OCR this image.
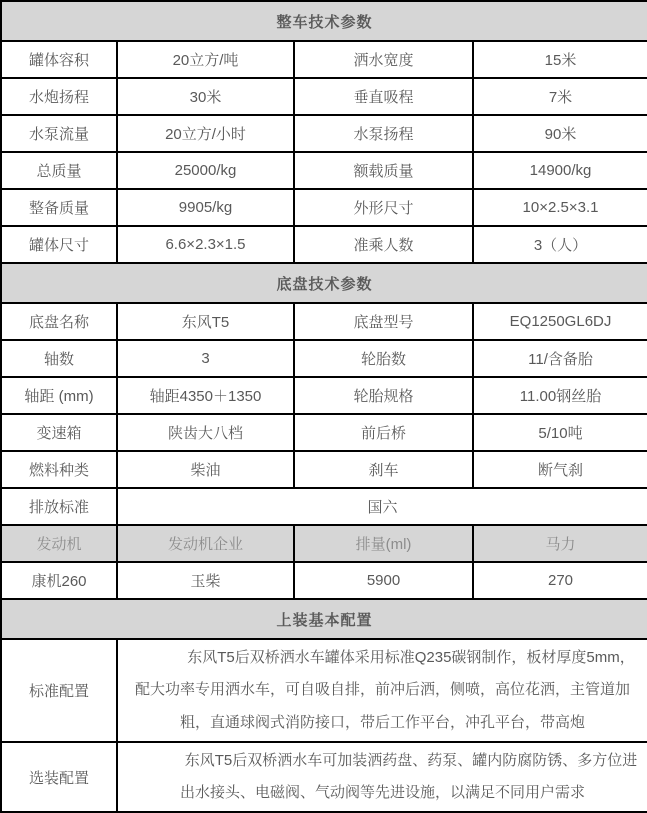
整车技术参数			
罐体容积	20立方/吨	洒水宽度	15米
水炮扬程	30米	垂直吸程	7米
水泵流量	20立方/小时	水泵扬程	90米
总质量	25000/kg	额载质量	14900/kg
整备质量	9905/kg	外形尺寸	10×2.5×3.1
罐体尺寸	6.6×2.3×1.5	准乘人数	3（人）
底盘技术参数			
底盘名称	东风T5	底盘型号	EQ1250GL6DJ
轴数	3	轮胎数	11/含备胎
轴距 (mm)	轴距4350＋1350	轮胎规格	11.00钢丝胎
变速箱	陕齿大八档	前后桥	5/10吨
燃料种类	柴油	刹车	断气刹
排放标准	国六		
发动机	发动机企业	排量(ml)	马力
康机260	玉柴	5900	270
上装基本配置			
标准配置	东风T5后双桥洒水车罐体采用标准Q235碳钢制作，板材厚度5mm，配大功率专用洒水车，可自吸自排，前冲后洒，侧喷，高位花洒，主管道加粗，直通球阀式消防接口，带后工作平台，冲孔平台，带高炮		
选装配置	东风T5后双桥洒水车可加装洒药盘、药泵、罐内防腐防锈、多方位进出水接头、电磁阀、气动阀等先进设施，以满足不同用户需求		
